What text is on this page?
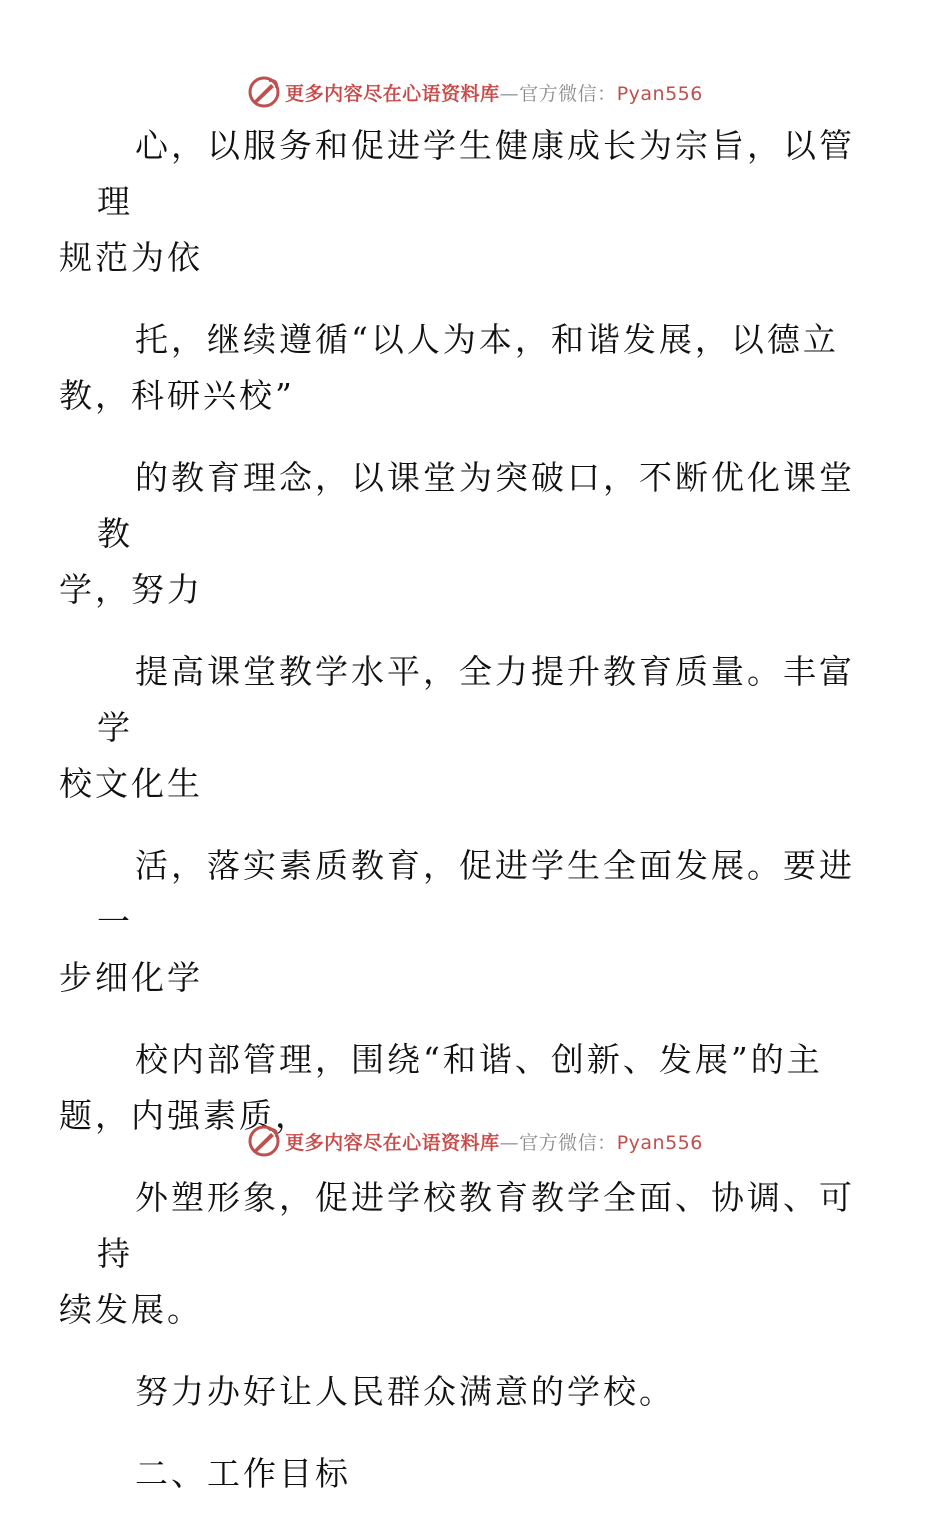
更多内容尽在心语资料库—官方微信：Pyan556

心，以服务和促进学生健康成长为宗旨，以管理
规范为依

托，继续遵循“以人为本，和谐发展，以德立
教，科研兴校”

的教育理念，以课堂为突破口，不断优化课堂教
学，努力

提高课堂教学水平，全力提升教育质量。丰富学
校文化生

活，落实素质教育，促进学生全面发展。要进一
步细化学

校内部管理，围绕“和谐、创新、发展”的主
题，内强素质，

外塑形象，促进学校教育教学全面、协调、可持
续发展。

努力办好让人民群众满意的学校。

二、工作目标

更多内容尽在心语资料库—官方微信：Pyan556
